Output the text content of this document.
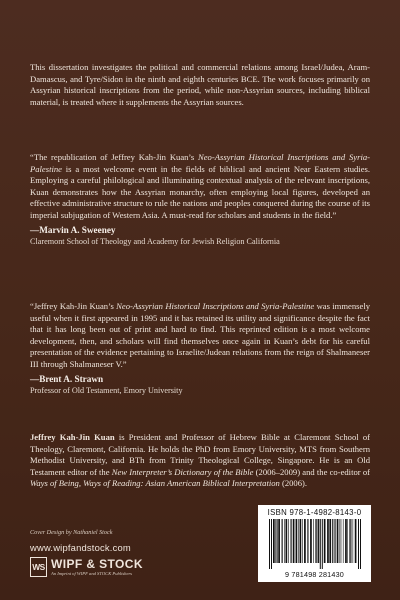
This dissertation investigates the political and commercial relations among Israel/Judea, Aram-Damascus, and Tyre/Sidon in the ninth and eighth centuries BCE. The work focuses primarily on Assyrian historical inscriptions from the period, while non-Assyrian sources, including biblical material, is treated where it supplements the Assyrian sources.

“The republication of Jeffrey Kah-Jin Kuan’s Neo-Assyrian Historical Inscriptions and Syria-Palestine is a most welcome event in the fields of biblical and ancient Near Eastern studies. Employing a careful philological and illuminating contextual analysis of the relevant inscriptions, Kuan demonstrates how the Assyrian monarchy, often employing local figures, developed an effective administrative structure to rule the nations and peoples conquered during the course of its imperial subjugation of Western Asia. A must-read for scholars and students in the field.”

—Marvin A. Sweeney
Claremont School of Theology and Academy for Jewish Religion California

“Jeffrey Kah-Jin Kuan’s Neo-Assyrian Historical Inscriptions and Syria-Palestine was immensely useful when it first appeared in 1995 and it has retained its utility and significance despite the fact that it has long been out of print and hard to find. This reprinted edition is a most welcome development, then, and scholars will find themselves once again in Kuan’s debt for his careful presentation of the evidence pertaining to Israelite/Judean relations from the reign of Shalmaneser III through Shalmaneser V.”

—Brent A. Strawn
Professor of Old Testament, Emory University

Jeffrey Kah-Jin Kuan is President and Professor of Hebrew Bible at Claremont School of Theology, Claremont, California. He holds the PhD from Emory University, MTS from Southern Methodist University, and BTh from Trinity Theological College, Singapore. He is an Old Testament editor of the New Interpreter’s Dictionary of the Bible (2006–2009) and the co-editor of Ways of Being, Ways of Reading: Asian American Biblical Interpretation (2006).

Cover Design by Nathaniel Stock
www.wipfandstock.com
WS WIPF & STOCK
An Imprint of WIPF and STOCK Publishers
ISBN 978-1-4982-8143-0
9 781498 281430
